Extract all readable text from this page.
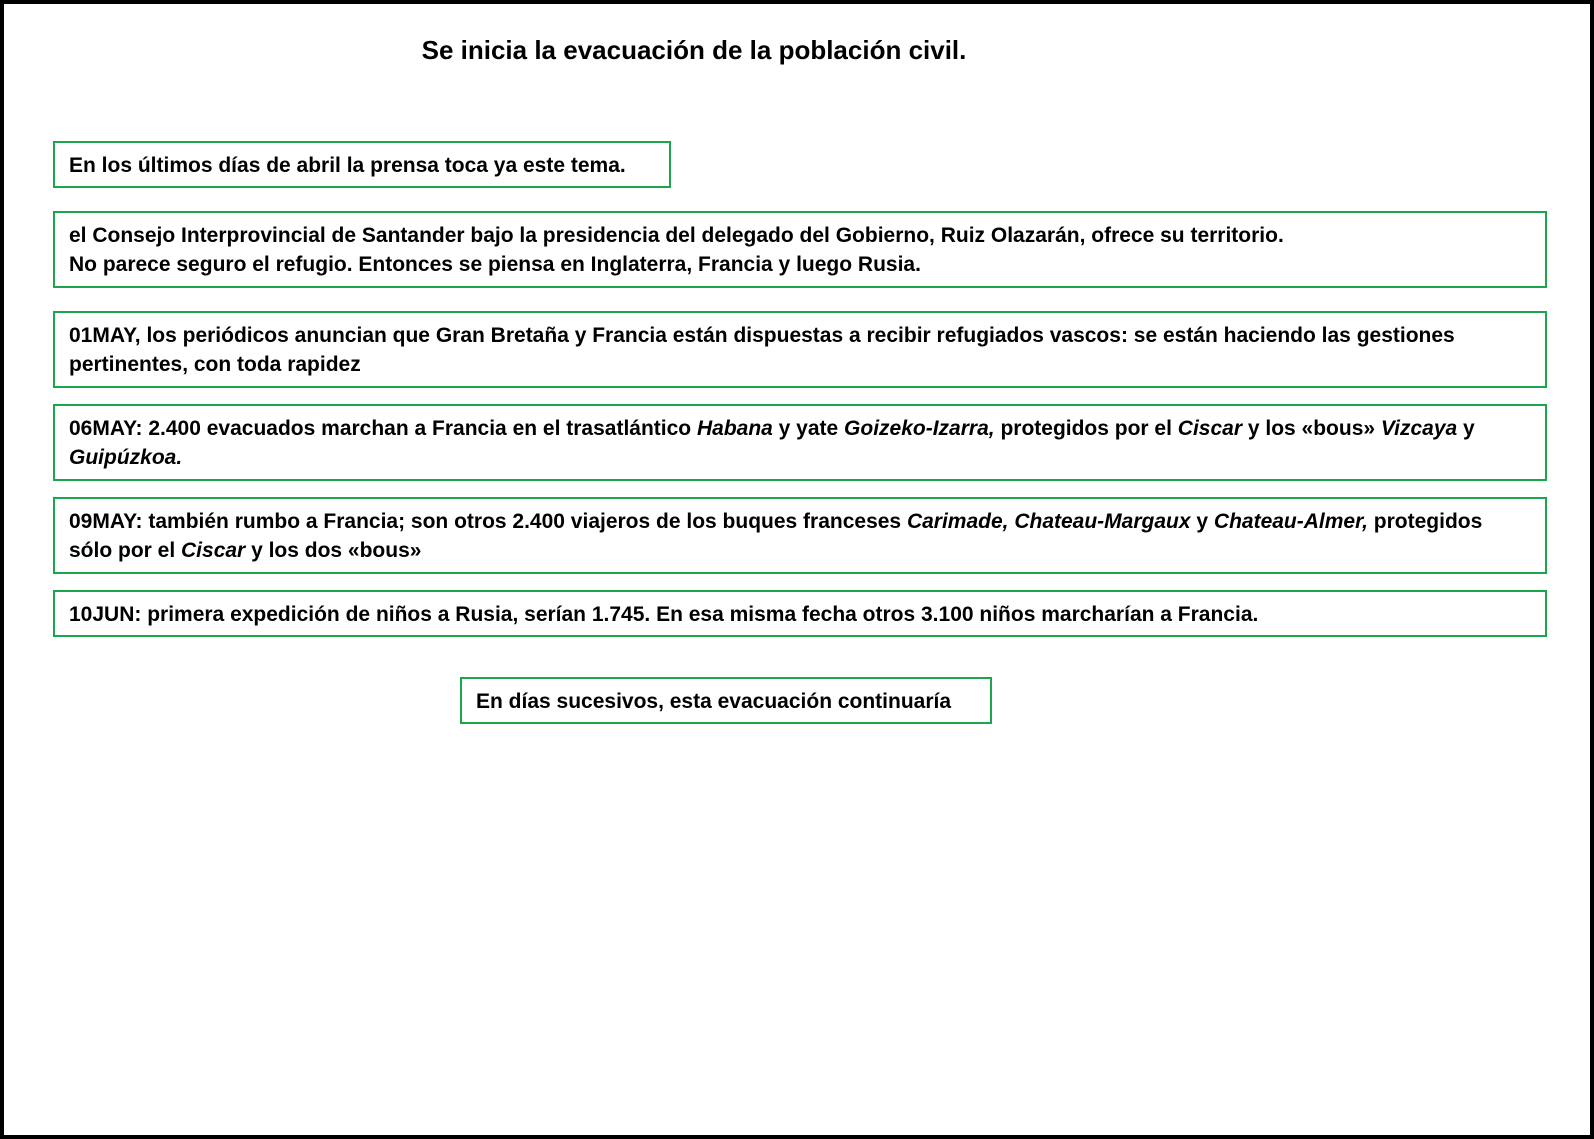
Se inicia la evacuación de la población civil.
En los últimos días de abril la prensa toca ya este tema.

el Consejo Interprovincial de Santander bajo la presidencia del delegado del Gobierno, Ruiz Olazarán, ofrece su territorio.

No parece seguro el refugio. Entonces se piensa en Inglaterra, Francia y luego Rusia.

01MAY, los periódicos anuncian que Gran Bretaña y Francia están dispuestas a recibir refugiados vascos: se están haciendo las gestiones pertinentes, con toda rapidez
06MAY: 2.400 evacuados marchan a Francia en el trasatlántico Habana y yate Goizeko-Izarra, protegidos por el Ciscar y los «bous» Vizcaya y Guipúzkoa.
09MAY: también rumbo a Francia; son otros 2.400 viajeros de los buques franceses Carimade, Chateau-Margaux y Chateau-Almer, protegidos sólo por el Ciscar y los dos «bous»
10JUN: primera expedición de niños a Rusia, serían 1.745. En esa misma fecha otros 3.100 niños marcharían a Francia.
En días sucesivos, esta evacuación continuaría
